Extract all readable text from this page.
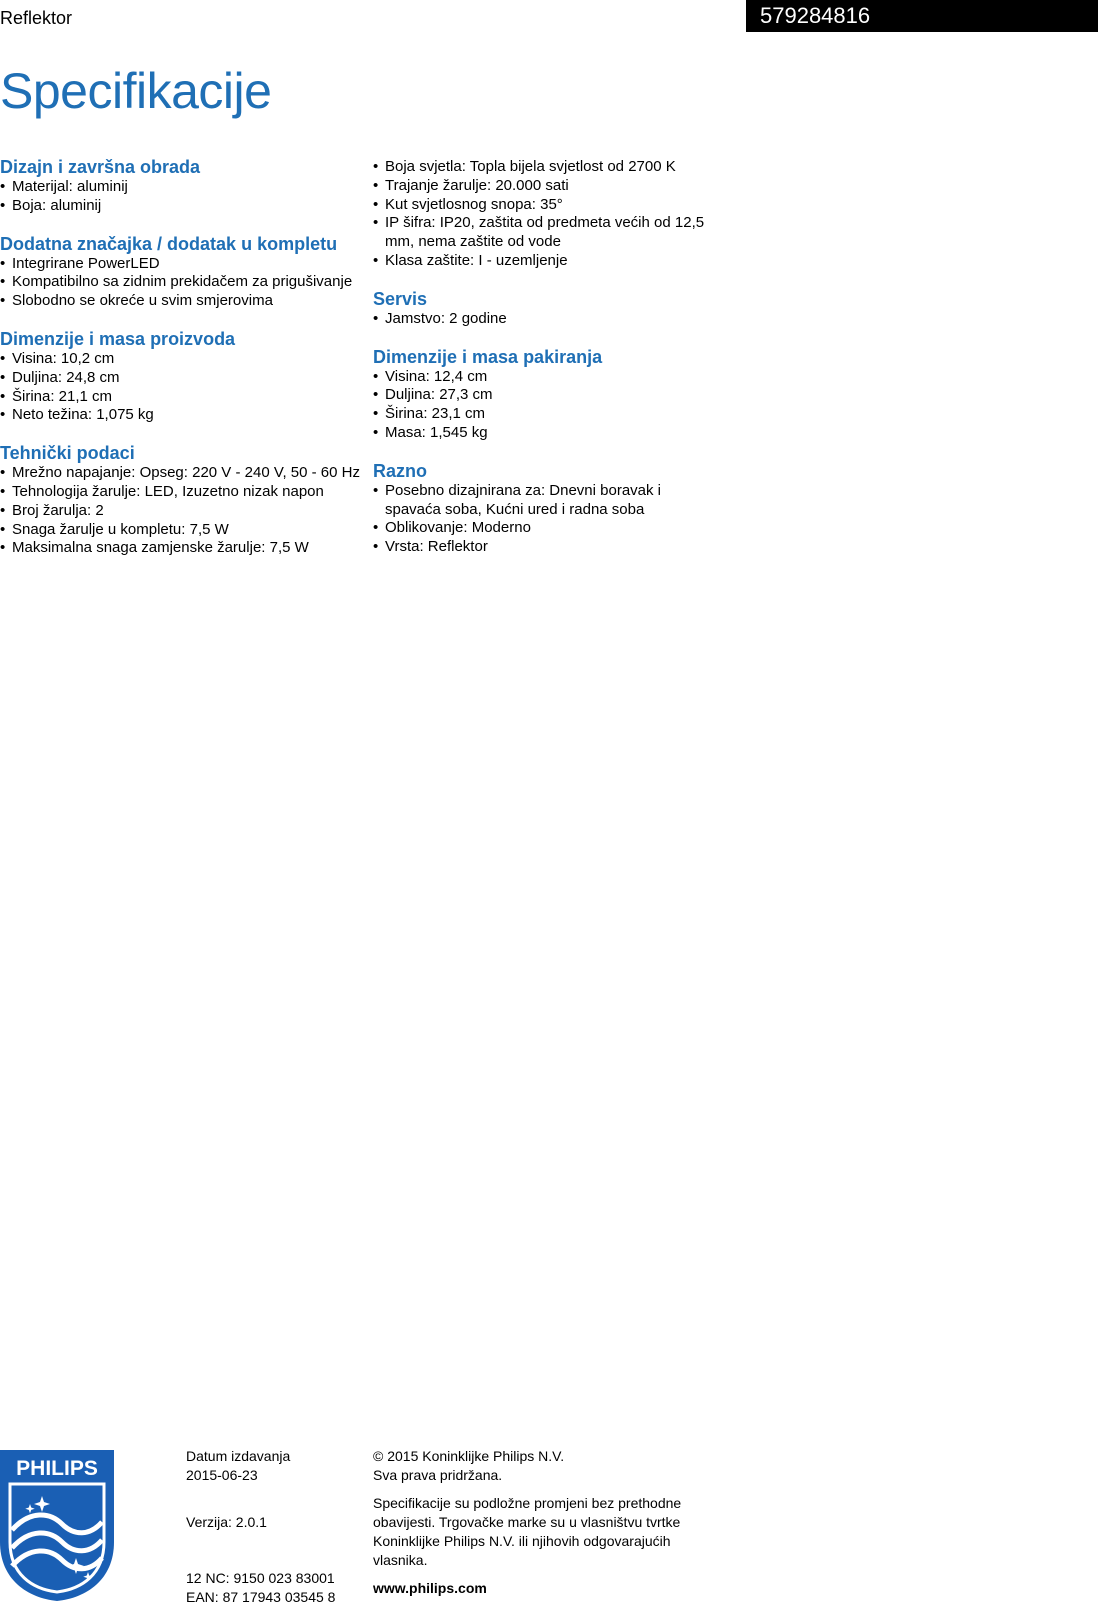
Reflektor	579284816
Specifikacije
Dizajn i završna obrada
• Materijal: aluminij
• Boja: aluminij
Dodatna značajka / dodatak u kompletu
• Integrirane PowerLED
• Kompatibilno sa zidnim prekidačem za prigušivanje
• Slobodno se okreće u svim smjerovima
Dimenzije i masa proizvoda
• Visina: 10,2 cm
• Duljina: 24,8 cm
• Širina: 21,1 cm
• Neto težina: 1,075 kg
Tehnički podaci
• Mrežno napajanje: Opseg: 220 V - 240 V, 50 - 60 Hz
• Tehnologija žarulje: LED, Izuzetno nizak napon
• Broj žarulja: 2
• Snaga žarulje u kompletu: 7,5 W
• Maksimalna snaga zamjenske žarulje: 7,5 W
• Boja svjetla: Topla bijela svjetlost od 2700 K
• Trajanje žarulje: 20.000 sati
• Kut svjetlosnog snopa: 35°
• IP šifra: IP20, zaštita od predmeta većih od 12,5 mm, nema zaštite od vode
• Klasa zaštite: I - uzemljenje
Servis
• Jamstvo: 2 godine
Dimenzije i masa pakiranja
• Visina: 12,4 cm
• Duljina: 27,3 cm
• Širina: 23,1 cm
• Masa: 1,545 kg
Razno
• Posebno dizajnirana za: Dnevni boravak i spavaća soba, Kućni ured i radna soba
• Oblikovanje: Moderno
• Vrsta: Reflektor
PHILIPS
Datum izdavanja
2015-06-23
Verzija: 2.0.1
12 NC: 9150 023 83001
EAN: 87 17943 03545 8
© 2015 Koninklijke Philips N.V.
Sva prava pridržana.
Specifikacije su podložne promjeni bez prethodne obavijesti. Trgovačke marke su u vlasništvu tvrtke Koninklijke Philips N.V. ili njihovih odgovarajućih vlasnika.
www.philips.com
